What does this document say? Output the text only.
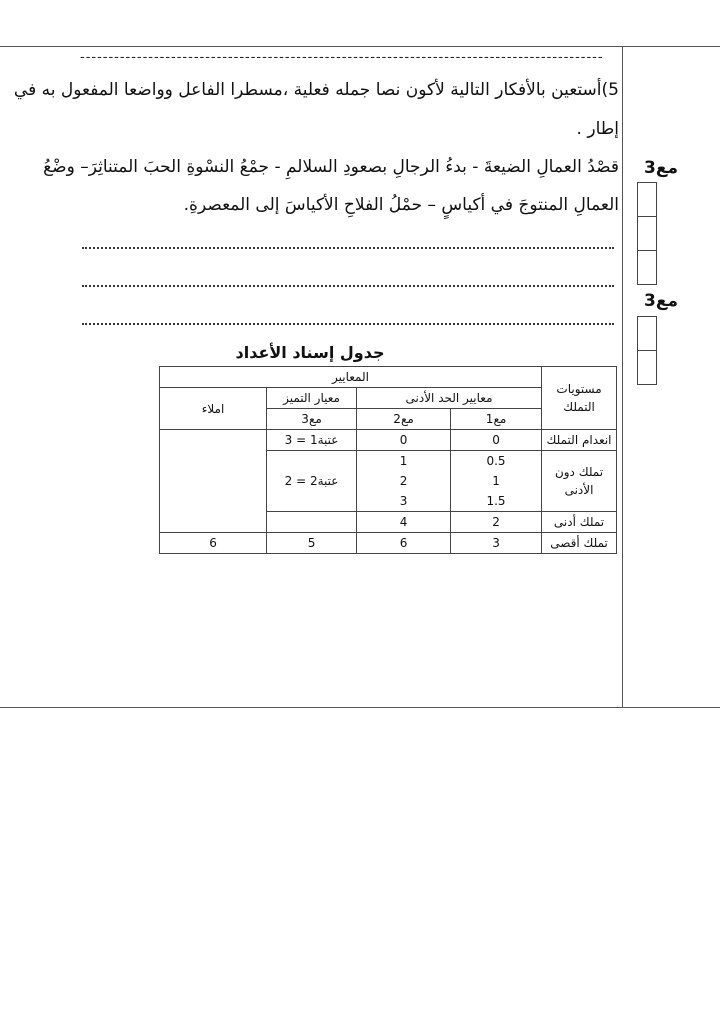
--------------------------------------------------------------------------------------------
5)أستعين بالأفكار التالية لأكون نصا جمله فعلية ،مسطرا الفاعل وواضعا المفعول به في
إطار .
قصْدُ العمالِ الضيعةَ - بدءُ الرجالِ بصعودِ السلالمِ - جمْعُ النسْوةِ الحبَ المتناثِرَ– وضْعُ
العمالِ المنتوجَ في أكياسٍ – حمْلُ الفلاحِ الأكياسَ إلى المعصرةِ.
مع3
مع3
جدول إسناد الأعداد
مستويات التملك	المعايير			
	معايير الحد الأدنى		معيار التميز	املاء
	مع1	مع2	مع3	
انعدام التملك	0	0	عتبة1 = 3	
تملك دون الأدنى	0.5	1	عتبة2 = 2	
	1	2		
	1.5	3		
تملك أدنى	2	4		
تملك أقصى	3	6	5	6
